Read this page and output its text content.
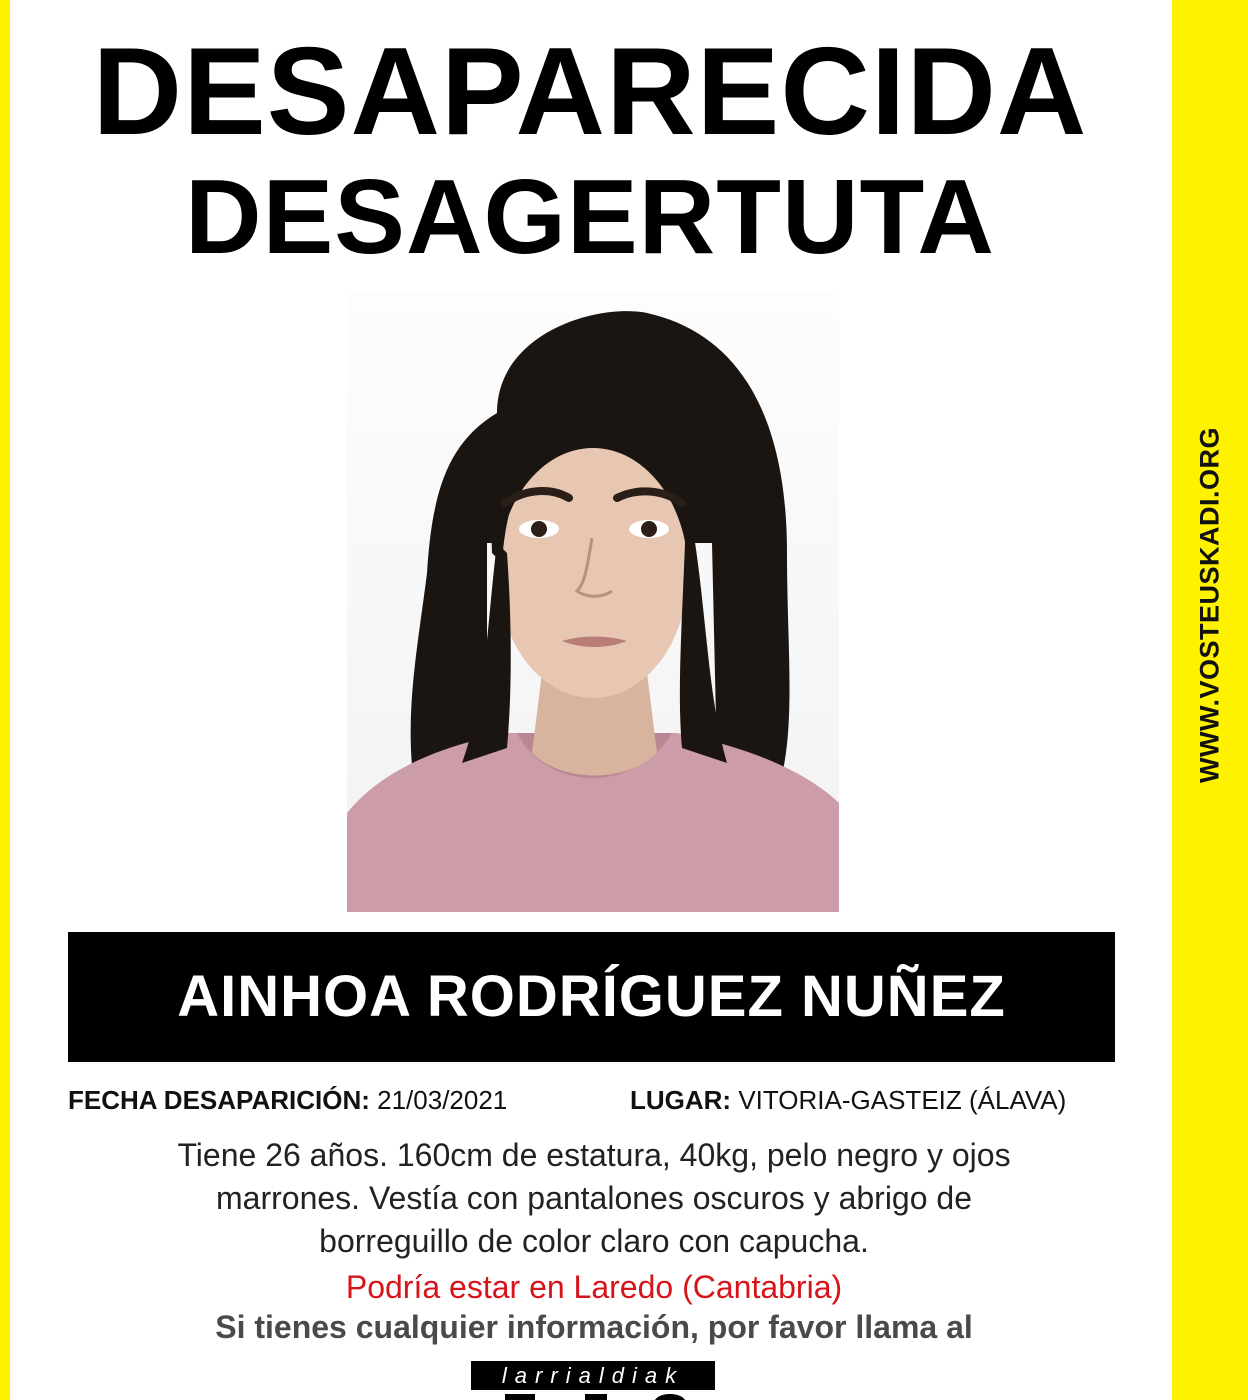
WWW.VOSTEUSKADI.ORG
DESAPARECIDA
DESAGERTUTA
AINHOA RODRÍGUEZ NUÑEZ
FECHA DESAPARICIÓN: 21/03/2021	LUGAR: VITORIA-GASTEIZ (ÁLAVA)
Tiene 26 años. 160cm de estatura, 40kg, pelo negro y ojos
marrones. Vestía con pantalones oscuros y abrigo de
borreguillo de color claro con capucha.
Podría estar en Laredo (Cantabria)
Si tienes cualquier información, por favor llama al
larrialdiak
